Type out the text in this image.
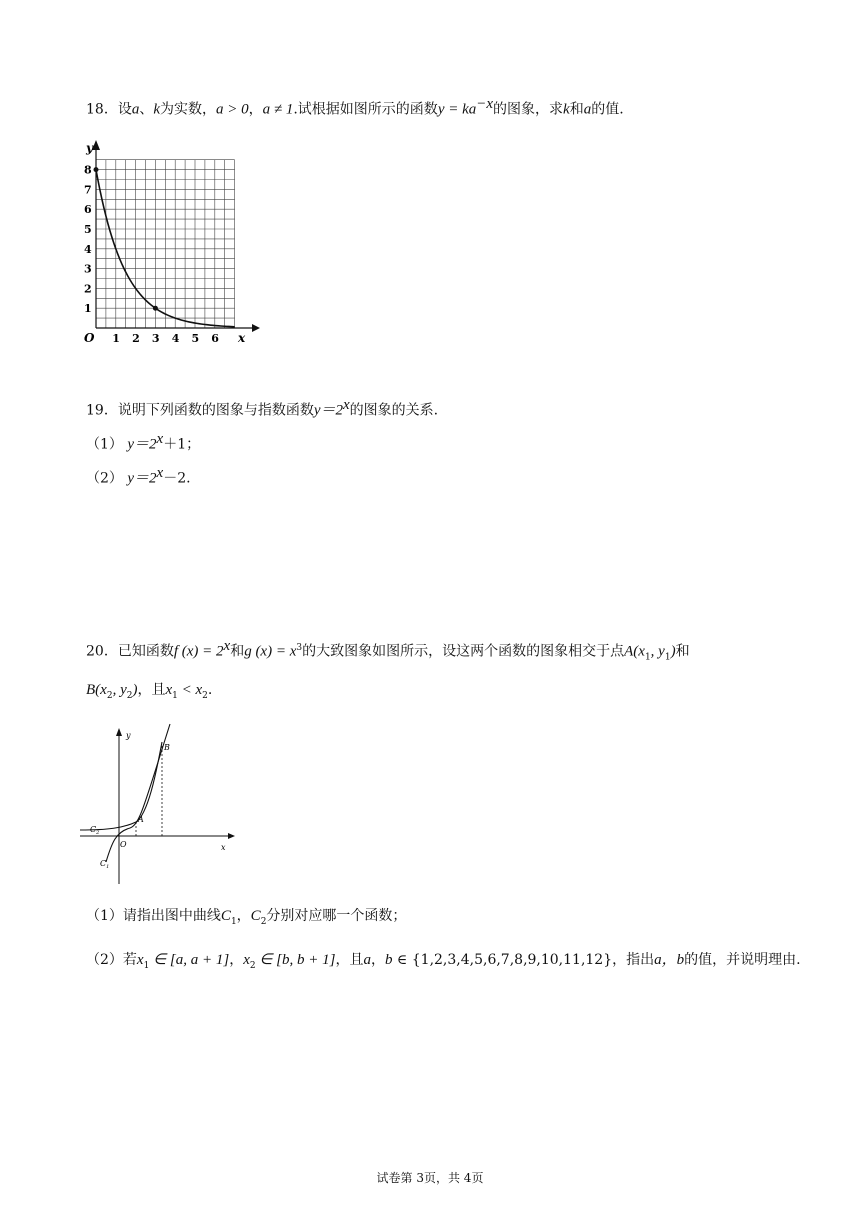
18．设a、k为实数，a > 0，a ≠ 1.试根据如图所示的函数$y = ka^{-x}$的图象，求k和a的值.
y
x
O 1 2 3 4 5 6
1
2
3
4
5
6
7
8
19．说明下列函数的图象与指数函数$y=2^x$的图象的关系.
（1） $y=2^x+1$；
（2） $y=2^x-2$.
20．已知函数f $(x) = 2^x$和g $(x) = x^3$的大致图象如图所示，设这两个函数的图象相交于点$A(x_1$, $y_1$)和
$B(x_2$, $y_2$)，且$x_1 < x_2$.
y
x
O
A
B
$C_2$
$C_1$
（1）请指出图中曲线$C_1$，$C_2$分别对应哪一个函数；
（2）若$x_1$ ∈ [a, a + 1]，$x_2$ ∈ [b, b + 1]，且a，b ∈ {1,2,3,4,5,6,7,8,9,10,11,12}，指出a，b的值，并说明理由.
试卷第 3页，共 4页
